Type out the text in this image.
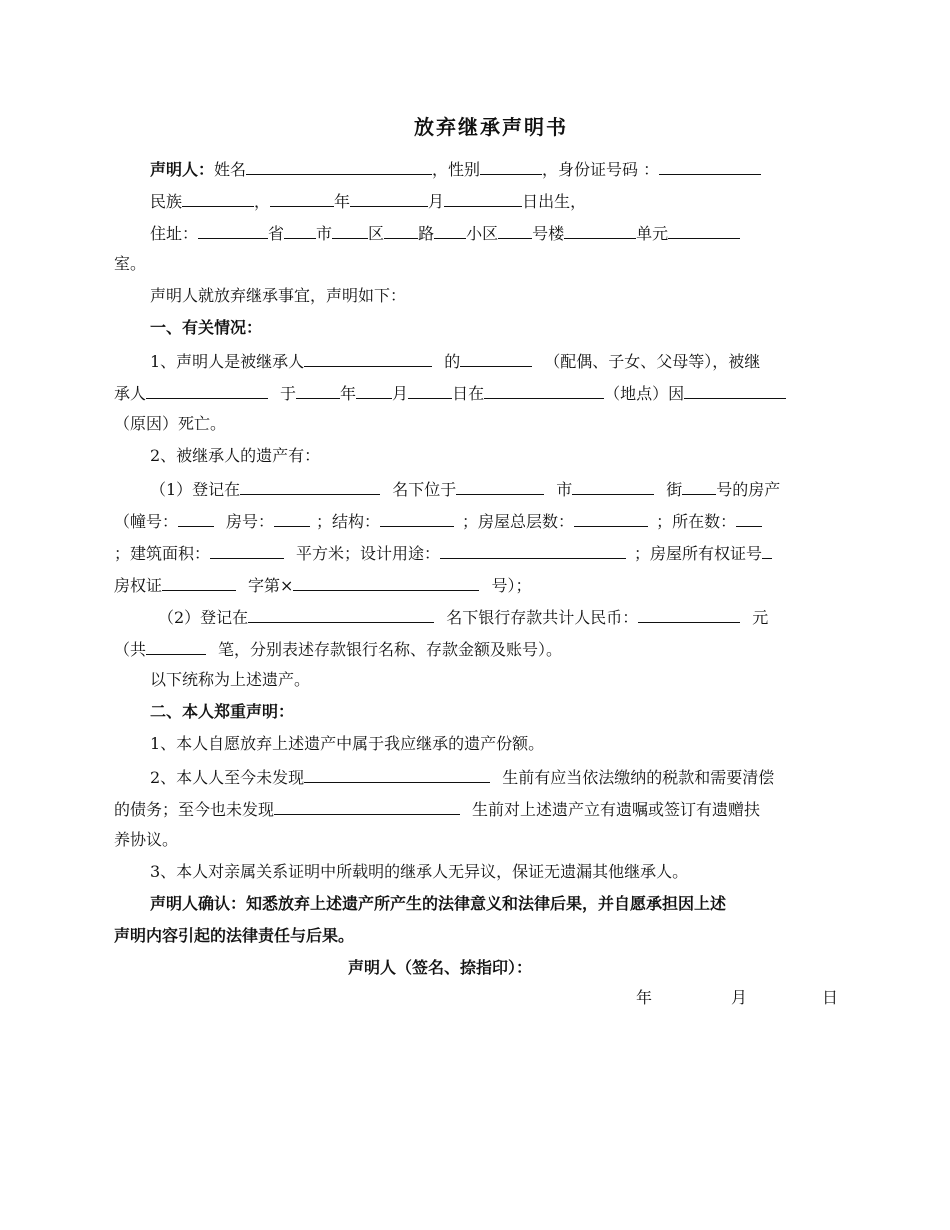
放弃继承声明书
声明人：姓名	，性别	，身份证号码 ：
民族	，	年	月	日出生，
住址：	省 市 区 路 小区 号楼	单元
室。
声明人就放弃继承事宜，声明如下：
一、有关情况：
1、声明人是被继承人	的	（配偶、子女、父母等），被继
承人	于	年 月	日在	（地点）因
（原因）死亡。
2、被继承人的遗产有：
（1）登记在	名下位于	市	街 号的房产
（幢号：	房号：	；结构：	；房屋总层数：	；所在数：
；建筑面积：	平方米；设计用途：	；房屋所有权证号
房权证	字第×	号）；
（2）登记在	名下银行存款共计人民币：	元
（共	笔，分别表述存款银行名称、存款金额及账号）。
以下统称为上述遗产。
二、本人郑重声明：
1、本人自愿放弃上述遗产中属于我应继承的遗产份额。
2、本人人至今未发现	生前有应当依法缴纳的税款和需要清偿
的债务；至今也未发现	生前对上述遗产立有遗嘱或签订有遗赠扶
养协议。
3、本人对亲属关系证明中所载明的继承人无异议，保证无遗漏其他继承人。
声明人确认：知悉放弃上述遗产所产生的法律意义和法律后果，并自愿承担因上述
声明内容引起的法律责任与后果。
声明人（签名、捺指印）：
年	月	日
